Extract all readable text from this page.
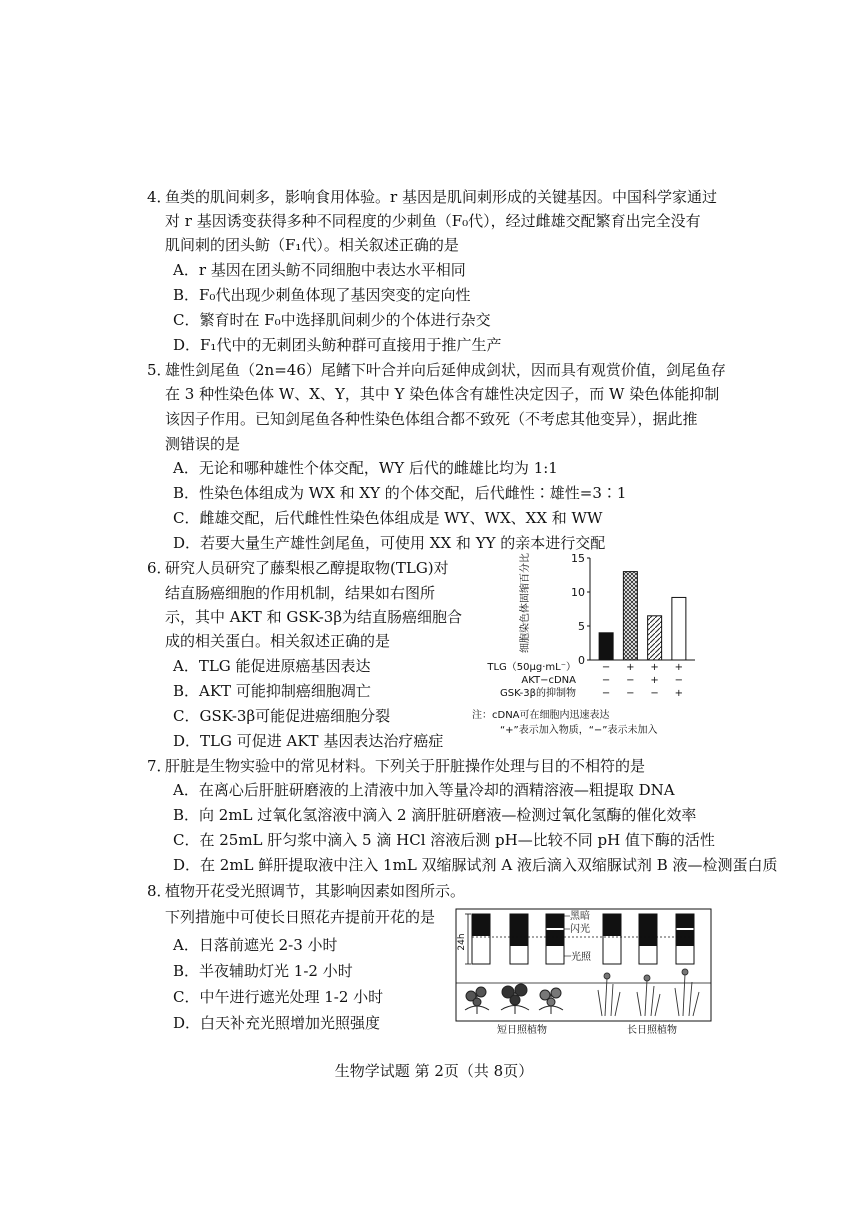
4．
鱼类的肌间刺多，影响食用体验。r 基因是肌间刺形成的关键基因。中国科学家通过
对 r 基因诱变获得多种不同程度的少刺鱼（F₀代），经过雌雄交配繁育出完全没有
肌间刺的团头鲂（F₁代）。相关叙述正确的是
A．r 基因在团头鲂不同细胞中表达水平相同
B．F₀代出现少刺鱼体现了基因突变的定向性
C．繁育时在 F₀中选择肌间刺少的个体进行杂交
D．F₁代中的无刺团头鲂种群可直接用于推广生产
5．
雄性剑尾鱼（2n=46）尾鳍下叶合并向后延伸成剑状，因而具有观赏价值，剑尾鱼存
在 3 种性染色体 W、X、Y，其中 Y 染色体含有雄性决定因子，而 W 染色体能抑制
该因子作用。已知剑尾鱼各种性染色体组合都不致死（不考虑其他变异），据此推
测错误的是
A．无论和哪种雄性个体交配，WY 后代的雌雄比均为 1:1
B．性染色体组成为 WX 和 XY 的个体交配，后代雌性∶雄性=3∶1
C．雌雄交配，后代雌性性染色体组成是 WY、WX、XX 和 WW
D．若要大量生产雄性剑尾鱼，可使用 XX 和 YY 的亲本进行交配
6．
研究人员研究了藤梨根乙醇提取物(TLG)对
结直肠癌细胞的作用机制，结果如右图所
示，其中 AKT 和 GSK-3β为结直肠癌细胞合
成的相关蛋白。相关叙述正确的是
A．TLG 能促进原癌基因表达
B．AKT 可能抑制癌细胞凋亡
C．GSK-3β可能促进癌细胞分裂
D．TLG 可促进 AKT 基因表达治疗癌症
0
5
10
15
细胞染色体固缩百分比
TLG（50μg·mL⁻）	− + + +
AKT−cDNA	− − + −
GSK-3β的抑制物	− − − +
注：cDNA可在细胞内迅速表达
“+”表示加入物质，“−”表示未加入
7．
肝脏是生物实验中的常见材料。下列关于肝脏操作处理与目的不相符的是
A．在离心后肝脏研磨液的上清液中加入等量冷却的酒精溶液—粗提取 DNA
B．向 2mL 过氧化氢溶液中滴入 2 滴肝脏研磨液—检测过氧化氢酶的催化效率
C．在 25mL 肝匀浆中滴入 5 滴 HCl 溶液后测 pH—比较不同 pH 值下酶的活性
D．在 2mL 鲜肝提取液中注入 1mL 双缩脲试剂 A 液后滴入双缩脲试剂 B 液—检测蛋白质
8．
植物开花受光照调节，其影响因素如图所示。
下列措施中可使长日照花卉提前开花的是
A．日落前遮光 2-3 小时
B．半夜辅助灯光 1-2 小时
C．中午进行遮光处理 1-2 小时
D．白天补充光照增加光照强度
24h
黑暗
闪光
光照
短日照植物	长日照植物
生物学试题 第 2页（共 8页）
